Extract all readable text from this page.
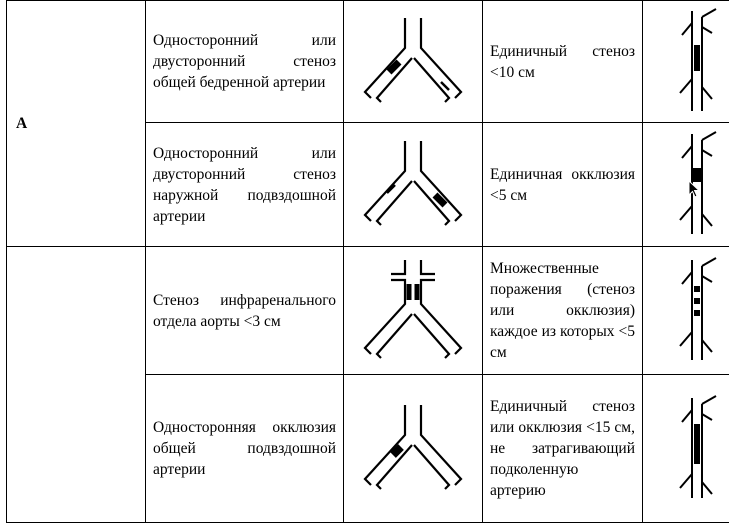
A	Односторонний или двусторонний стеноз общей бедренной артерии		Единичный стеноз <10 см

	Односторонний или двусторонний стеноз наружной подвздошной артерии		Единичная окклюзия <5 см

	Стеноз инфраренального отдела аорты <3 см		Множественные поражения (стеноз или окклюзия) каждое из которых <5 см

	Односторонняя окклюзия общей подвздошной артерии		Единичный стеноз или окклюзия <15 см, не затрагивающий подколенную артерию
